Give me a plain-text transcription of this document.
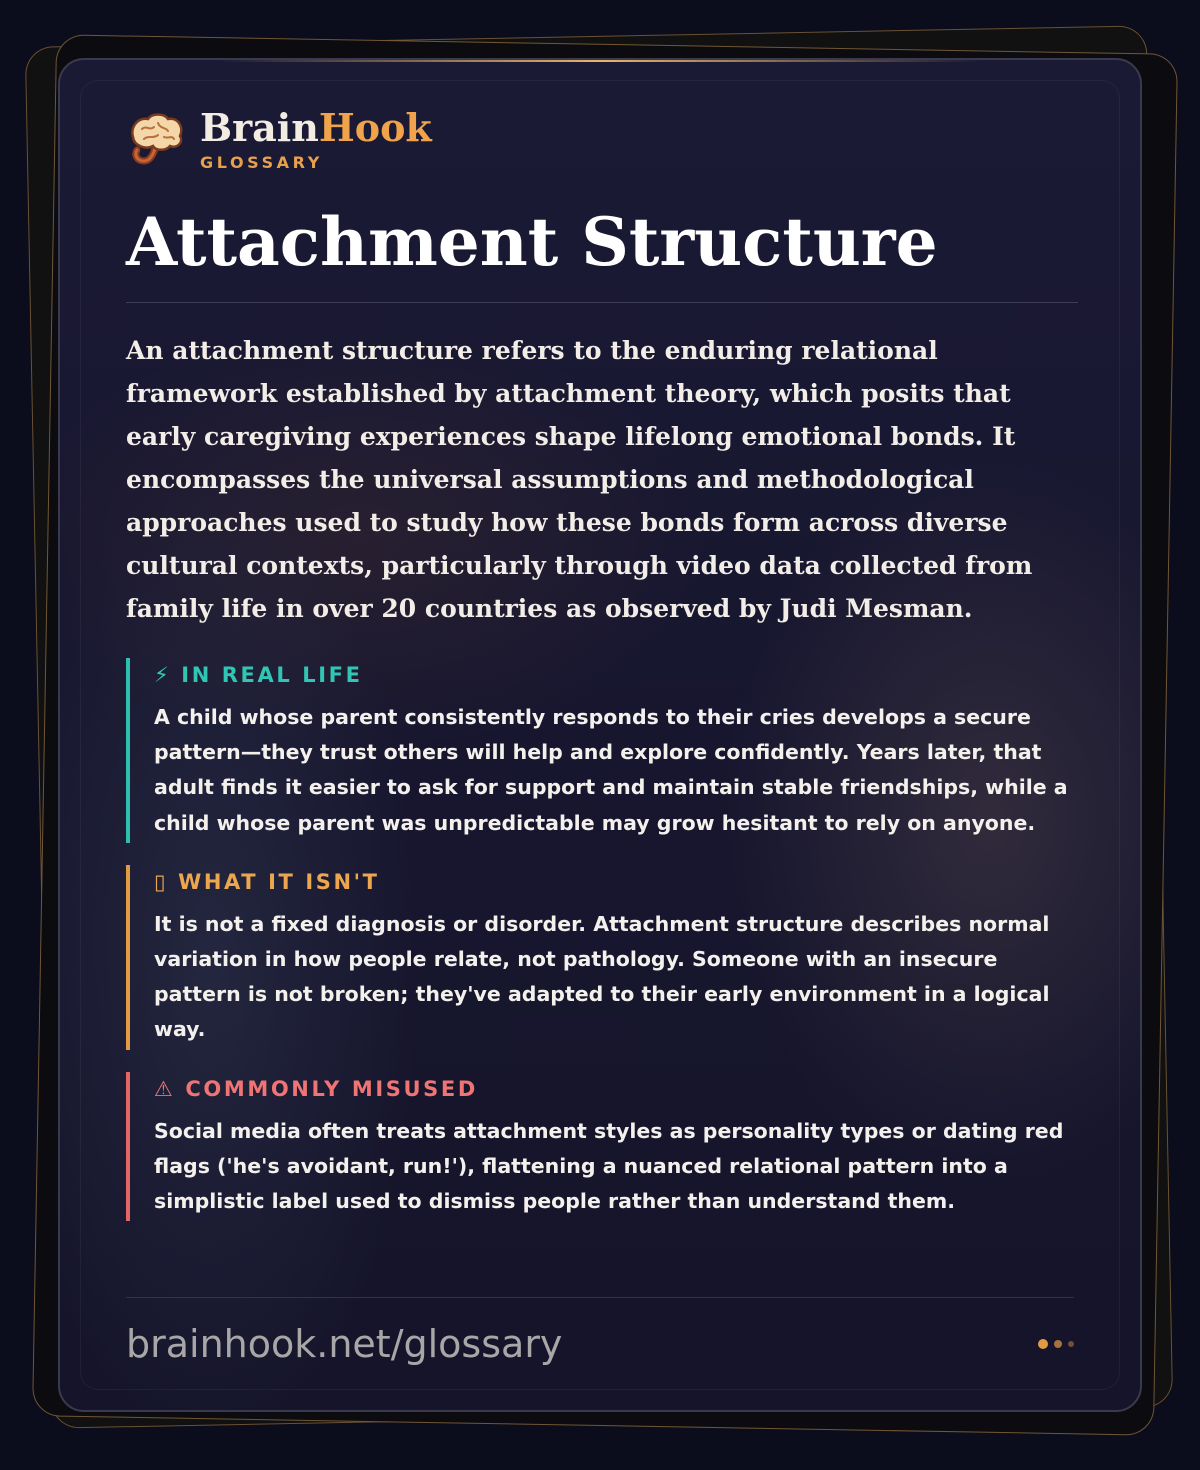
BrainHook
GLOSSARY
Attachment Structure
An attachment structure refers to the enduring relational framework established by attachment theory, which posits that early caregiving experiences shape lifelong emotional bonds. It encompasses the universal assumptions and methodological approaches used to study how these bonds form across diverse cultural contexts, particularly through video data collected from family life in over 20 countries as observed by Judi Mesman.
⚡ IN REAL LIFE
A child whose parent consistently responds to their cries develops a secure pattern—they trust others will help and explore confidently. Years later, that adult finds it easier to ask for support and maintain stable friendships, while a child whose parent was unpredictable may grow hesitant to rely on anyone.
▯ WHAT IT ISN'T
It is not a fixed diagnosis or disorder. Attachment structure describes normal variation in how people relate, not pathology. Someone with an insecure pattern is not broken; they've adapted to their early environment in a logical way.
⚠ COMMONLY MISUSED
Social media often treats attachment styles as personality types or dating red flags ('he's avoidant, run!'), flattening a nuanced relational pattern into a simplistic label used to dismiss people rather than understand them.
brainhook.net/glossary
